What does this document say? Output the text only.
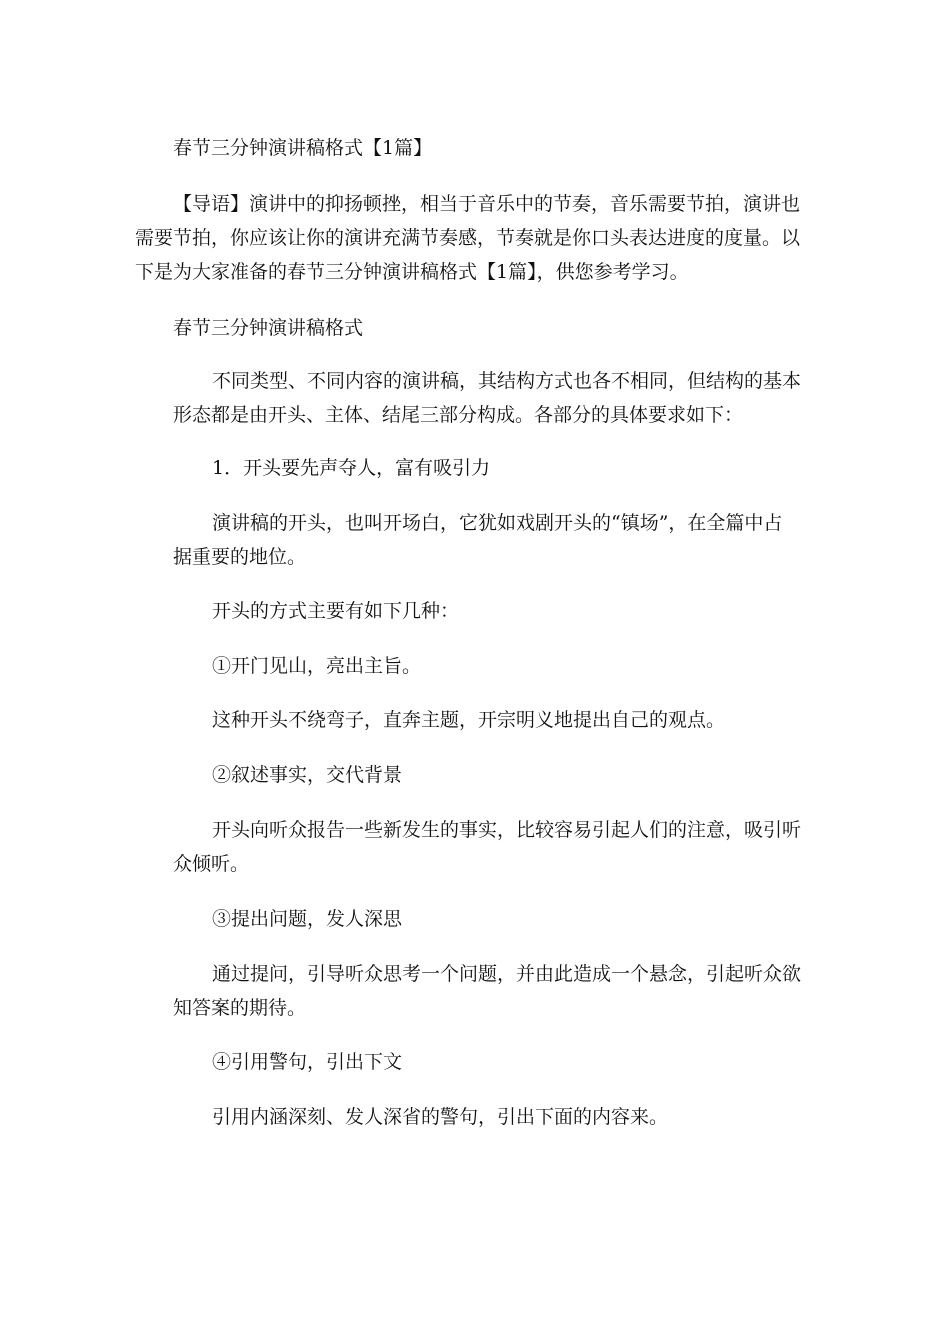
春节三分钟演讲稿格式【1篇】

【导语】演讲中的抑扬顿挫，相当于音乐中的节奏，音乐需要节拍，演讲也

需要节拍，你应该让你的演讲充满节奏感，节奏就是你口头表达进度的度量。以

下是为大家准备的春节三分钟演讲稿格式【1篇】，供您参考学习。

春节三分钟演讲稿格式

不同类型、不同内容的演讲稿，其结构方式也各不相同，但结构的基本

形态都是由开头、主体、结尾三部分构成。各部分的具体要求如下：

1．开头要先声夺人，富有吸引力

演讲稿的开头，也叫开场白，它犹如戏剧开头的“镇场”，在全篇中占

据重要的地位。

开头的方式主要有如下几种：

①开门见山，亮出主旨。

这种开头不绕弯子，直奔主题，开宗明义地提出自己的观点。

②叙述事实，交代背景

开头向听众报告一些新发生的事实，比较容易引起人们的注意，吸引听

众倾听。

③提出问题，发人深思

通过提问，引导听众思考一个问题，并由此造成一个悬念，引起听众欲

知答案的期待。

④引用警句，引出下文

引用内涵深刻、发人深省的警句，引出下面的内容来。
